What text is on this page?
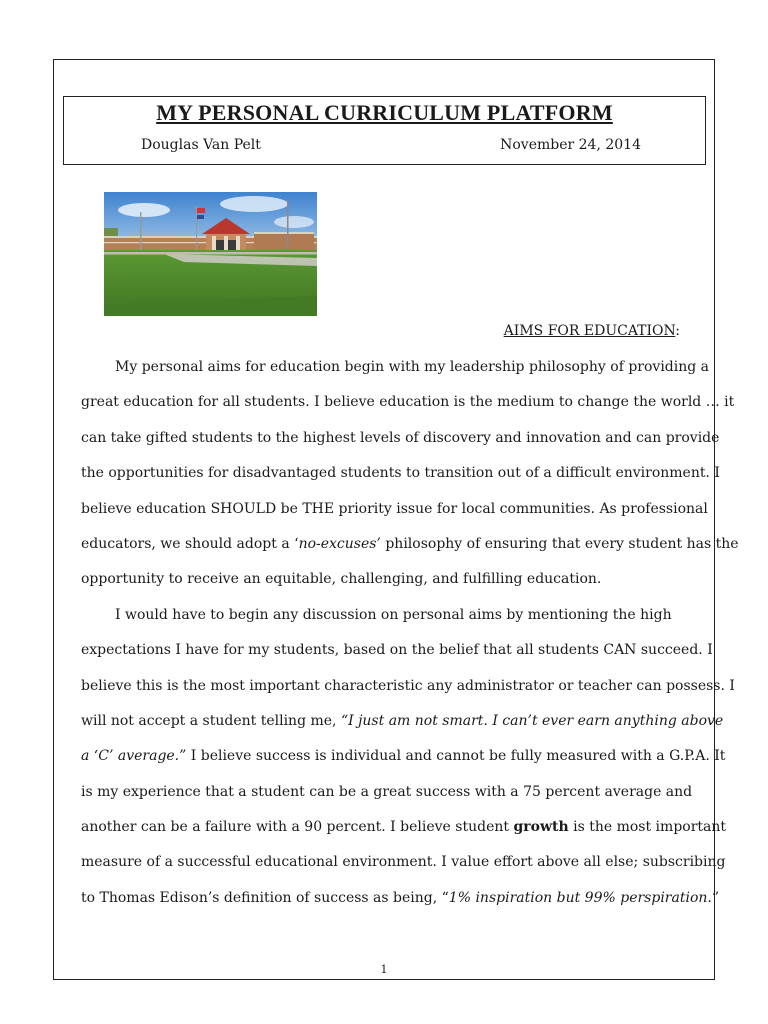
MY PERSONAL CURRICULUM PLATFORM
Douglas Van Pelt	November 24, 2014
AIMS FOR EDUCATION:
My personal aims for education begin with my leadership philosophy of providing a
great education for all students. I believe education is the medium to change the world … it
can take gifted students to the highest levels of discovery and innovation and can provide
the opportunities for disadvantaged students to transition out of a difficult environment. I
believe education SHOULD be THE priority issue for local communities. As professional
educators, we should adopt a ‘no-excuses’ philosophy of ensuring that every student has the
opportunity to receive an equitable, challenging, and fulfilling education.
I would have to begin any discussion on personal aims by mentioning the high
expectations I have for my students, based on the belief that all students CAN succeed. I
believe this is the most important characteristic any administrator or teacher can possess. I
will not accept a student telling me, “I just am not smart. I can’t ever earn anything above
a ‘C’ average.” I believe success is individual and cannot be fully measured with a G.P.A. It
is my experience that a student can be a great success with a 75 percent average and
another can be a failure with a 90 percent. I believe student growth is the most important
measure of a successful educational environment. I value effort above all else; subscribing
to Thomas Edison’s definition of success as being, “1% inspiration but 99% perspiration.”
1
